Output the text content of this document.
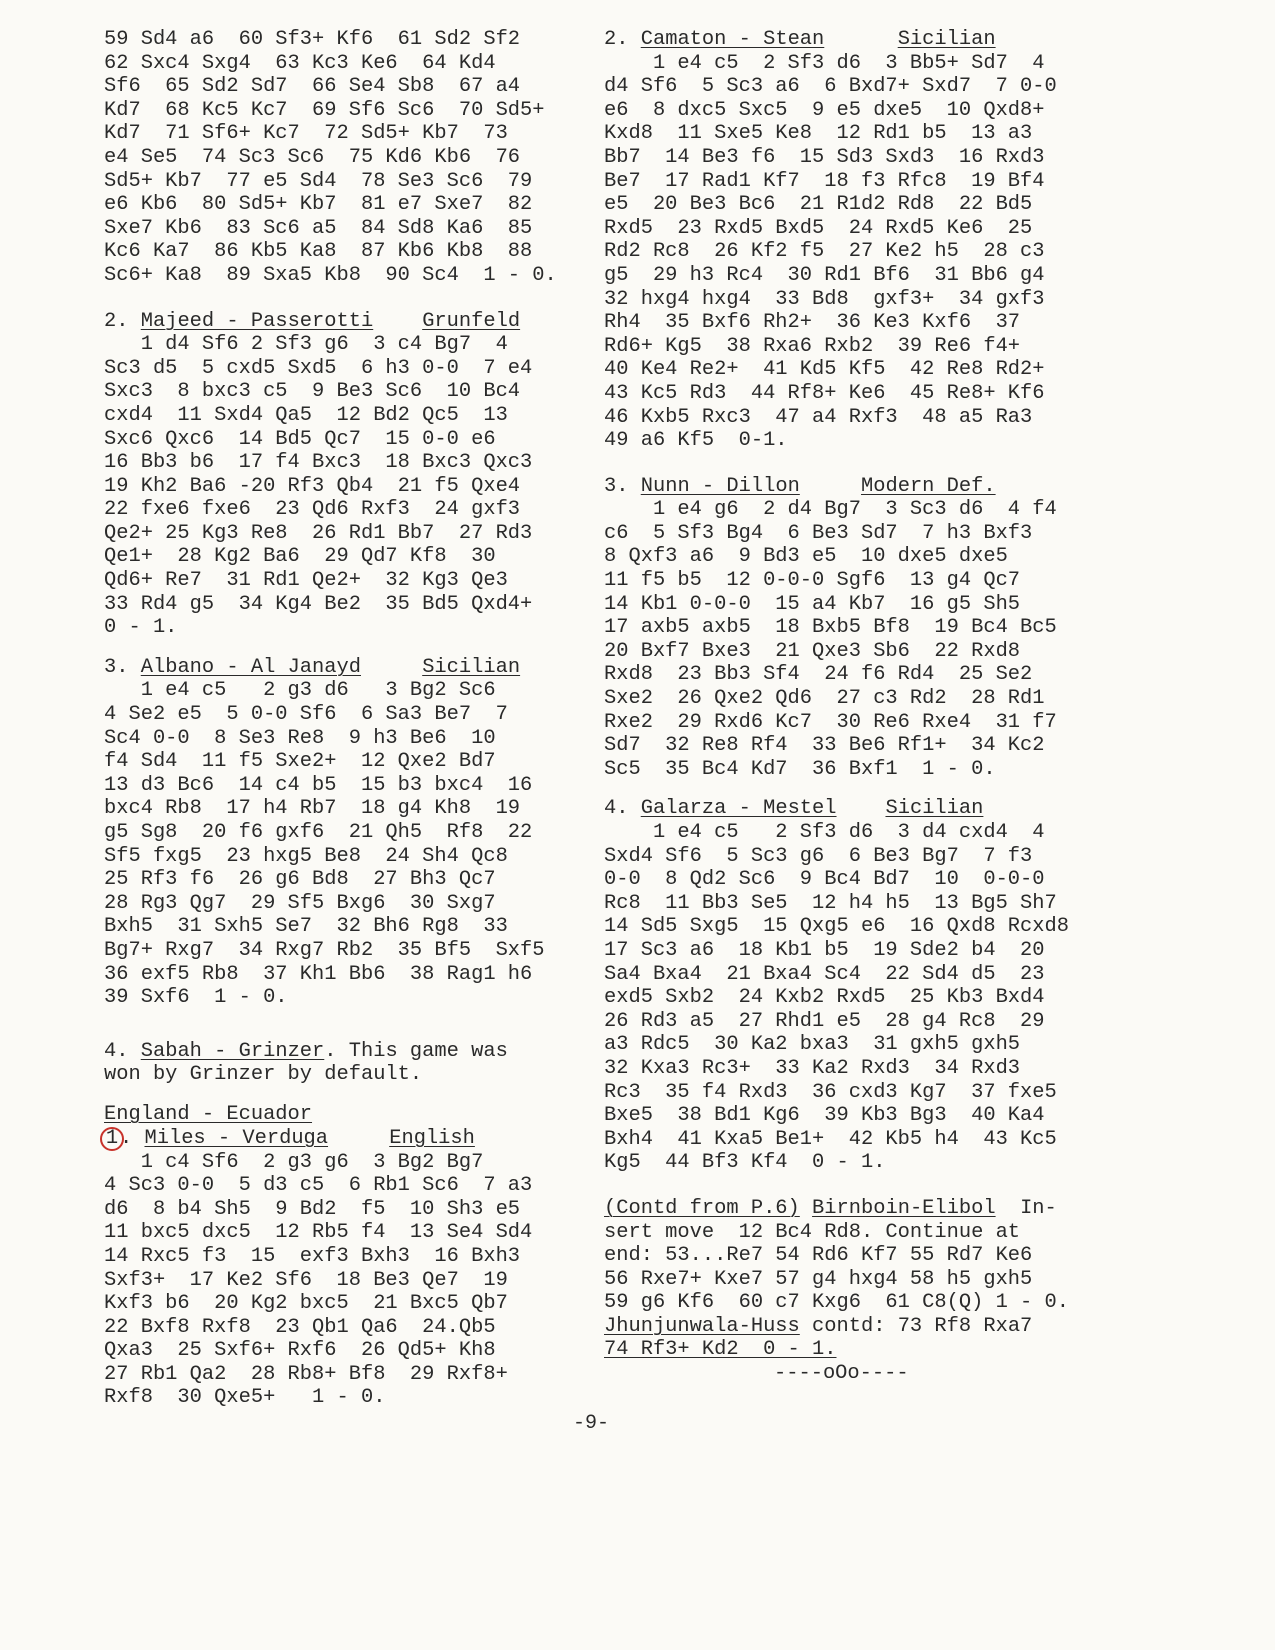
59 Sd4 a6  60 Sf3+ Kf6  61 Sd2 Sf2
62 Sxc4 Sxg4  63 Kc3 Ke6  64 Kd4
Sf6  65 Sd2 Sd7  66 Se4 Sb8  67 a4
Kd7  68 Kc5 Kc7  69 Sf6 Sc6  70 Sd5+
Kd7  71 Sf6+ Kc7  72 Sd5+ Kb7  73
e4 Se5  74 Sc3 Sc6  75 Kd6 Kb6  76
Sd5+ Kb7  77 e5 Sd4  78 Se3 Sc6  79
e6 Kb6  80 Sd5+ Kb7  81 e7 Sxe7  82
Sxe7 Kb6  83 Sc6 a5  84 Sd8 Ka6  85
Kc6 Ka7  86 Kb5 Ka8  87 Kb6 Kb8  88
Sc6+ Ka8  89 Sxa5 Kb8  90 Sc4  1 - 0.
2. Majeed - Passerotti Grunfeld
1 d4 Sf6 2 Sf3 g6  3 c4 Bg7  4
Sc3 d5  5 cxd5 Sxd5  6 h3 0-0  7 e4
Sxc3  8 bxc3 c5  9 Be3 Sc6  10 Bc4
cxd4  11 Sxd4 Qa5  12 Bd2 Qc5  13
Sxc6 Qxc6  14 Bd5 Qc7  15 0-0 e6
16 Bb3 b6  17 f4 Bxc3  18 Bxc3 Qxc3
19 Kh2 Ba6 -20 Rf3 Qb4  21 f5 Qxe4
22 fxe6 fxe6  23 Qd6 Rxf3  24 gxf3
Qe2+ 25 Kg3 Re8  26 Rd1 Bb7  27 Rd3
Qe1+  28 Kg2 Ba6  29 Qd7 Kf8  30
Qd6+ Re7  31 Rd1 Qe2+  32 Kg3 Qe3
33 Rd4 g5  34 Kg4 Be2  35 Bd5 Qxd4+
0 - 1.
3. Albano - Al Janayd	Sicilian
1 e4 c5   2 g3 d6   3 Bg2 Sc6
4 Se2 e5  5 0-0 Sf6  6 Sa3 Be7  7
Sc4 0-0  8 Se3 Re8  9 h3 Be6  10
f4 Sd4  11 f5 Sxe2+  12 Qxe2 Bd7
13 d3 Bc6  14 c4 b5  15 b3 bxc4  16
bxc4 Rb8  17 h4 Rb7  18 g4 Kh8  19
g5 Sg8  20 f6 gxf6  21 Qh5  Rf8  22
Sf5 fxg5  23 hxg5 Be8  24 Sh4 Qc8
25 Rf3 f6  26 g6 Bd8  27 Bh3 Qc7
28 Rg3 Qg7  29 Sf5 Bxg6  30 Sxg7
Bxh5  31 Sxh5 Se7  32 Bh6 Rg8  33
Bg7+ Rxg7  34 Rxg7 Rb2  35 Bf5  Sxf5
36 exf5 Rb8  37 Kh1 Bb6  38 Rag1 h6
39 Sxf6  1 - 0.
4. Sabah - Grinzer. This game was
won by Grinzer by default.
England - Ecuador
1. Miles - Verduga	English
1 c4 Sf6  2 g3 g6  3 Bg2 Bg7
4 Sc3 0-0  5 d3 c5  6 Rb1 Sc6  7 a3
d6  8 b4 Sh5  9 Bd2  f5  10 Sh3 e5
11 bxc5 dxc5  12 Rb5 f4  13 Se4 Sd4
14 Rxc5 f3  15  exf3 Bxh3  16 Bxh3
Sxf3+  17 Ke2 Sf6  18 Be3 Qe7  19
Kxf3 b6  20 Kg2 bxc5  21 Bxc5 Qb7
22 Bxf8 Rxf8  23 Qb1 Qa6  24.Qb5
Qxa3  25 Sxf6+ Rxf6  26 Qd5+ Kh8
27 Rb1 Qa2  28 Rb8+ Bf8  29 Rxf8+
Rxf8  30 Qxe5+   1 - 0.
2. Camaton - Stean	Sicilian
1 e4 c5  2 Sf3 d6  3 Bb5+ Sd7  4
d4 Sf6  5 Sc3 a6  6 Bxd7+ Sxd7  7 0-0
e6  8 dxc5 Sxc5  9 e5 dxe5  10 Qxd8+
Kxd8  11 Sxe5 Ke8  12 Rd1 b5  13 a3
Bb7  14 Be3 f6  15 Sd3 Sxd3  16 Rxd3
Be7  17 Rad1 Kf7  18 f3 Rfc8  19 Bf4
e5  20 Be3 Bc6  21 R1d2 Rd8  22 Bd5
Rxd5  23 Rxd5 Bxd5  24 Rxd5 Ke6  25
Rd2 Rc8  26 Kf2 f5  27 Ke2 h5  28 c3
g5  29 h3 Rc4  30 Rd1 Bf6  31 Bb6 g4
32 hxg4 hxg4  33 Bd8  gxf3+  34 gxf3
Rh4  35 Bxf6 Rh2+  36 Ke3 Kxf6  37
Rd6+ Kg5  38 Rxa6 Rxb2  39 Re6 f4+
40 Ke4 Re2+  41 Kd5 Kf5  42 Re8 Rd2+
43 Kc5 Rd3  44 Rf8+ Ke6  45 Re8+ Kf6
46 Kxb5 Rxc3  47 a4 Rxf3  48 a5 Ra3
49 a6 Kf5  0-1.
3. Nunn - Dillon	Modern Def.
1 e4 g6  2 d4 Bg7  3 Sc3 d6  4 f4
c6  5 Sf3 Bg4  6 Be3 Sd7  7 h3 Bxf3
8 Qxf3 a6  9 Bd3 e5  10 dxe5 dxe5
11 f5 b5  12 0-0-0 Sgf6  13 g4 Qc7
14 Kb1 0-0-0  15 a4 Kb7  16 g5 Sh5
17 axb5 axb5  18 Bxb5 Bf8  19 Bc4 Bc5
20 Bxf7 Bxe3  21 Qxe3 Sb6  22 Rxd8
Rxd8  23 Bb3 Sf4  24 f6 Rd4  25 Se2
Sxe2  26 Qxe2 Qd6  27 c3 Rd2  28 Rd1
Rxe2  29 Rxd6 Kc7  30 Re6 Rxe4  31 f7
Sd7  32 Re8 Rf4  33 Be6 Rf1+  34 Kc2
Sc5  35 Bc4 Kd7  36 Bxf1  1 - 0.
4. Galarza - Mestel Sicilian
1 e4 c5   2 Sf3 d6  3 d4 cxd4  4
Sxd4 Sf6  5 Sc3 g6  6 Be3 Bg7  7 f3
0-0  8 Qd2 Sc6  9 Bc4 Bd7  10  0-0-0
Rc8  11 Bb3 Se5  12 h4 h5  13 Bg5 Sh7
14 Sd5 Sxg5  15 Qxg5 e6  16 Qxd8 Rcxd8
17 Sc3 a6  18 Kb1 b5  19 Sde2 b4  20
Sa4 Bxa4  21 Bxa4 Sc4  22 Sd4 d5  23
exd5 Sxb2  24 Kxb2 Rxd5  25 Kb3 Bxd4
26 Rd3 a5  27 Rhd1 e5  28 g4 Rc8  29
a3 Rdc5  30 Ka2 bxa3  31 gxh5 gxh5
32 Kxa3 Rc3+  33 Ka2 Rxd3  34 Rxd3
Rc3  35 f4 Rxd3  36 cxd3 Kg7  37 fxe5
Bxe5  38 Bd1 Kg6  39 Kb3 Bg3  40 Ka4
Bxh4  41 Kxa5 Be1+  42 Kb5 h4  43 Kc5
Kg5  44 Bf3 Kf4  0 - 1.
(Contd from P.6) Birnboin-Elibol  In-
sert move  12 Bc4 Rd8. Continue at
end: 53...Re7 54 Rd6 Kf7 55 Rd7 Ke6
56 Rxe7+ Kxe7 57 g4 hxg4 58 h5 gxh5
59 g6 Kf6  60 c7 Kxg6  61 C8(Q) 1 - 0.
Jhunjunwala-Huss contd: 73 Rf8 Rxa7
74 Rf3+ Kd2  0 - 1.
----oOo----
-9-
